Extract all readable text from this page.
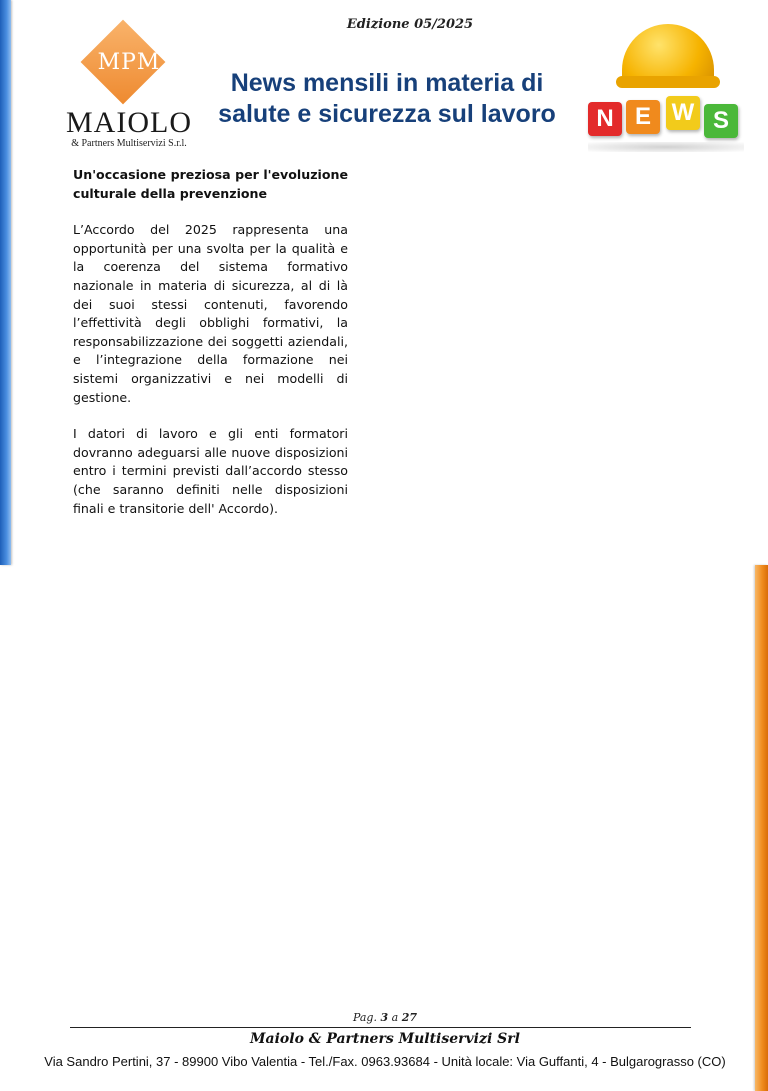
Edizione 05/2025
MPM
MAIOLO
& Partners Multiservizi S.r.l.
News mensili in materia di
salute e sicurezza sul lavoro	N E W S
Un'occasione preziosa per l'evoluzione culturale della prevenzione

L’Accordo del 2025 rappresenta una opportunità per una svolta per la qualità e la coerenza del sistema formativo nazionale in materia di sicurezza, al di là dei suoi stessi contenuti, favorendo l’effettività degli obblighi formativi, la responsabilizzazione dei soggetti aziendali, e l’integrazione della formazione nei sistemi organizzativi e nei modelli di gestione.

I datori di lavoro e gli enti formatori dovranno adeguarsi alle nuove disposizioni entro i termini previsti dall’accordo stesso (che saranno definiti nelle disposizioni finali e transitorie dell' Accordo).

Pag. 3 a 27
Maiolo & Partners Multiservizi Srl
Via Sandro Pertini, 37 - 89900 Vibo Valentia - Tel./Fax. 0963.93684 - Unità locale: Via Guffanti, 4 - Bulgarograsso (CO)
